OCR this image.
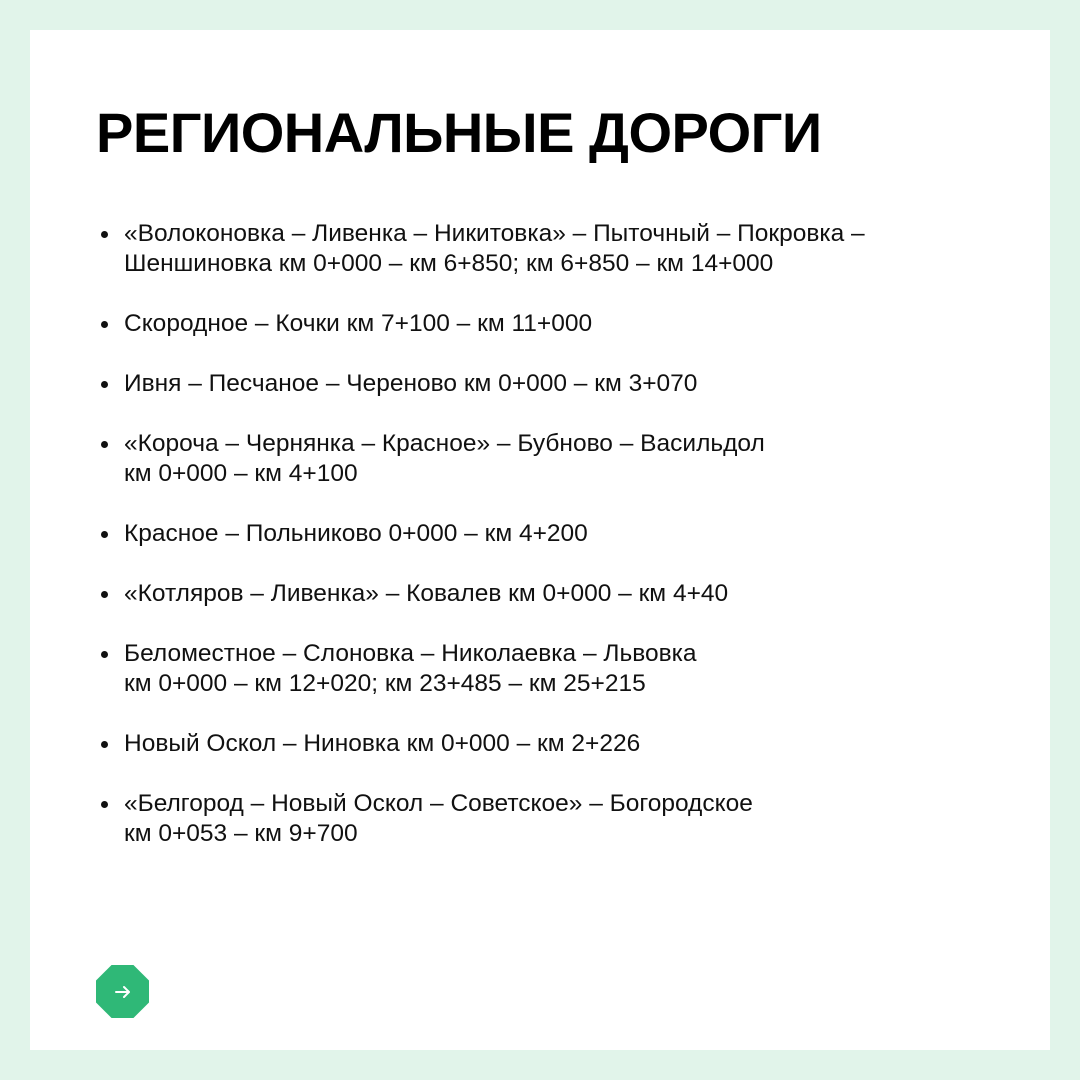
РЕГИОНАЛЬНЫЕ ДОРОГИ
«Волоконовка – Ливенка – Никитовка» – Пыточный – Покровка –
Шеншиновка км 0+000 – км 6+850; км 6+850 – км 14+000
Скородное – Кочки км 7+100 – км 11+000
Ивня – Песчаное – Череново км 0+000 – км 3+070
«Короча – Чернянка – Красное» – Бубново – Васильдол
км 0+000 – км 4+100
Красное – Польниково 0+000 – км 4+200
«Котляров – Ливенка» – Ковалев км 0+000 – км 4+40
Беломестное – Слоновка – Николаевка – Львовка
км 0+000 – км 12+020; км 23+485 – км 25+215
Новый Оскол – Ниновка км 0+000 – км 2+226
«Белгород – Новый Оскол – Советское» – Богородское
км 0+053 – км 9+700
